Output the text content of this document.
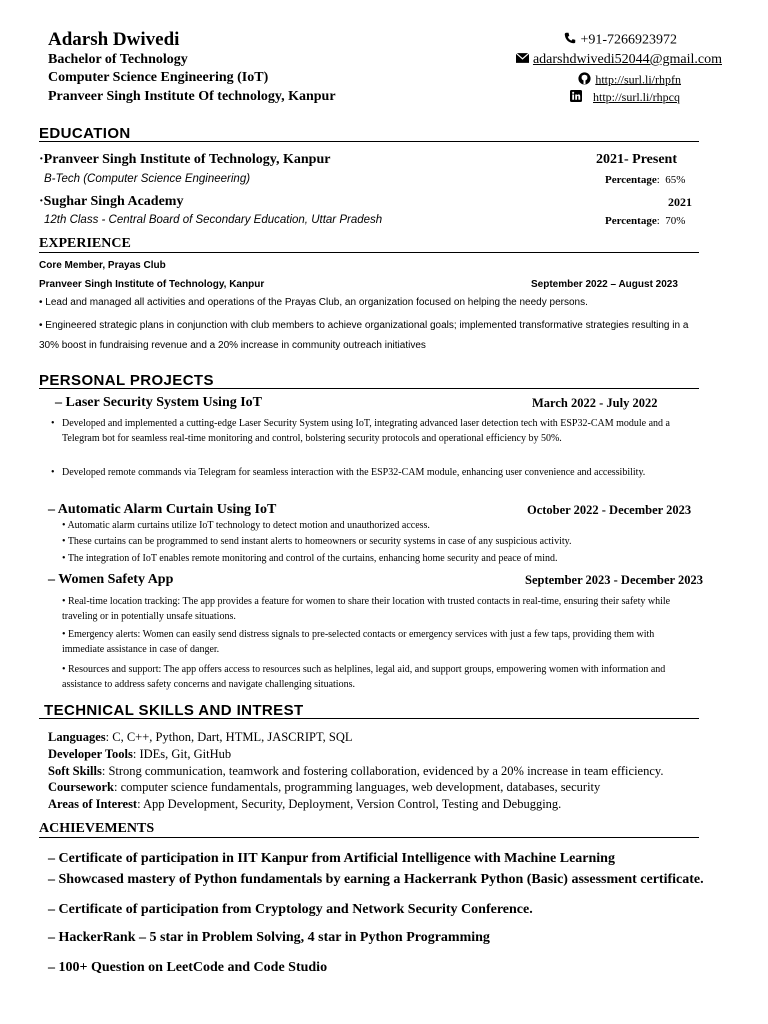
Adarsh Dwivedi
Bachelor of Technology
Computer Science Engineering (IoT)
Pranveer Singh Institute Of technology, Kanpur
+91-7266923972
adarshdwivedi52044@gmail.com
http://surl.li/rhpfn
http://surl.li/rhpcq
EDUCATION
·Pranveer Singh Institute of Technology, Kanpur	2021- Present
B-Tech (Computer Science Engineering)	Percentage:  65%
·Sughar Singh Academy	2021
12th Class - Central Board of Secondary Education, Uttar Pradesh	Percentage:  70%
EXPERIENCE
Core Member, Prayas Club
Pranveer Singh Institute of Technology, Kanpur	September 2022 – August 2023
• Lead and managed all activities and operations of the Prayas Club, an organization focused on helping the needy persons.
• Engineered strategic plans in conjunction with club members to achieve organizational goals; implemented transformative strategies resulting in a 30% boost in fundraising revenue and a 20% increase in community outreach initiatives
PERSONAL PROJECTS
– Laser Security System Using IoT	March 2022 - July 2022
• Developed and implemented a cutting-edge Laser Security System using IoT, integrating advanced laser detection tech with ESP32-CAM module and a Telegram bot for seamless real-time monitoring and control, bolstering security protocols and operational efficiency by 50%.
• Developed remote commands via Telegram for seamless interaction with the ESP32-CAM module, enhancing user convenience and accessibility.
– Automatic Alarm Curtain Using IoT	October 2022 - December 2023
• Automatic alarm curtains utilize IoT technology to detect motion and unauthorized access.
• These curtains can be programmed to send instant alerts to homeowners or security systems in case of any suspicious activity.
• The integration of IoT enables remote monitoring and control of the curtains, enhancing home security and peace of mind.
– Women Safety App	September 2023 - December 2023
• Real-time location tracking: The app provides a feature for women to share their location with trusted contacts in real-time, ensuring their safety while traveling or in potentially unsafe situations.
• Emergency alerts: Women can easily send distress signals to pre-selected contacts or emergency services with just a few taps, providing them with immediate assistance in case of danger.
• Resources and support: The app offers access to resources such as helplines, legal aid, and support groups, empowering women with information and assistance to address safety concerns and navigate challenging situations.
TECHNICAL SKILLS AND INTREST
Languages: C, C++, Python, Dart, HTML, JASCRIPT, SQL
Developer Tools: IDEs, Git, GitHub
Soft Skills: Strong communication, teamwork and fostering collaboration, evidenced by a 20% increase in team efficiency.
Coursework: computer science fundamentals, programming languages, web development, databases, security
Areas of Interest: App Development, Security, Deployment, Version Control, Testing and Debugging.
ACHIEVEMENTS
– Certificate of participation in IIT Kanpur from Artificial Intelligence with Machine Learning
– Showcased mastery of Python fundamentals by earning a Hackerrank Python (Basic) assessment certificate.
– Certificate of participation from Cryptology and Network Security Conference.
– HackerRank – 5 star in Problem Solving, 4 star in Python Programming
– 100+ Question on LeetCode and Code Studio
